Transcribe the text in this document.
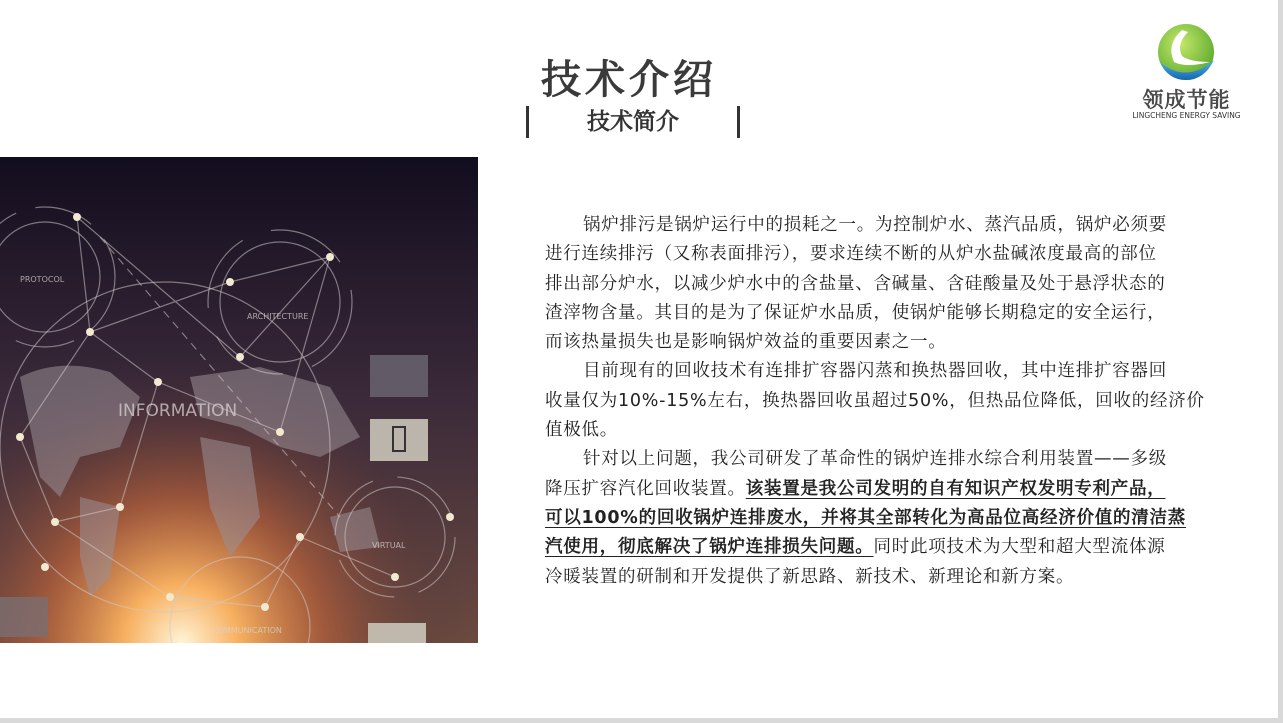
技术介绍
技术简介
领成节能
LINGCHENG ENERGY SAVING
PROTOCOL
ARCHITECTURE
INFORMATION
VIRTUAL
COMMUNICATION
锅炉排污是锅炉运行中的损耗之一。为控制炉水、蒸汽品质，锅炉必须要
进行连续排污（又称表面排污），要求连续不断的从炉水盐碱浓度最高的部位
排出部分炉水，以减少炉水中的含盐量、含碱量、含硅酸量及处于悬浮状态的
渣滓物含量。其目的是为了保证炉水品质，使锅炉能够长期稳定的安全运行，
而该热量损失也是影响锅炉效益的重要因素之一。
目前现有的回收技术有连排扩容器闪蒸和换热器回收，其中连排扩容器回
收量仅为10%-15%左右，换热器回收虽超过50%，但热品位降低，回收的经济价
值极低。
针对以上问题，我公司研发了革命性的锅炉连排水综合利用装置——多级
降压扩容汽化回收装置。该装置是我公司发明的自有知识产权发明专利产品，
可以100%的回收锅炉连排废水，并将其全部转化为高品位高经济价值的清洁蒸
汽使用，彻底解决了锅炉连排损失问题。同时此项技术为大型和超大型流体源
冷暖装置的研制和开发提供了新思路、新技术、新理论和新方案。
